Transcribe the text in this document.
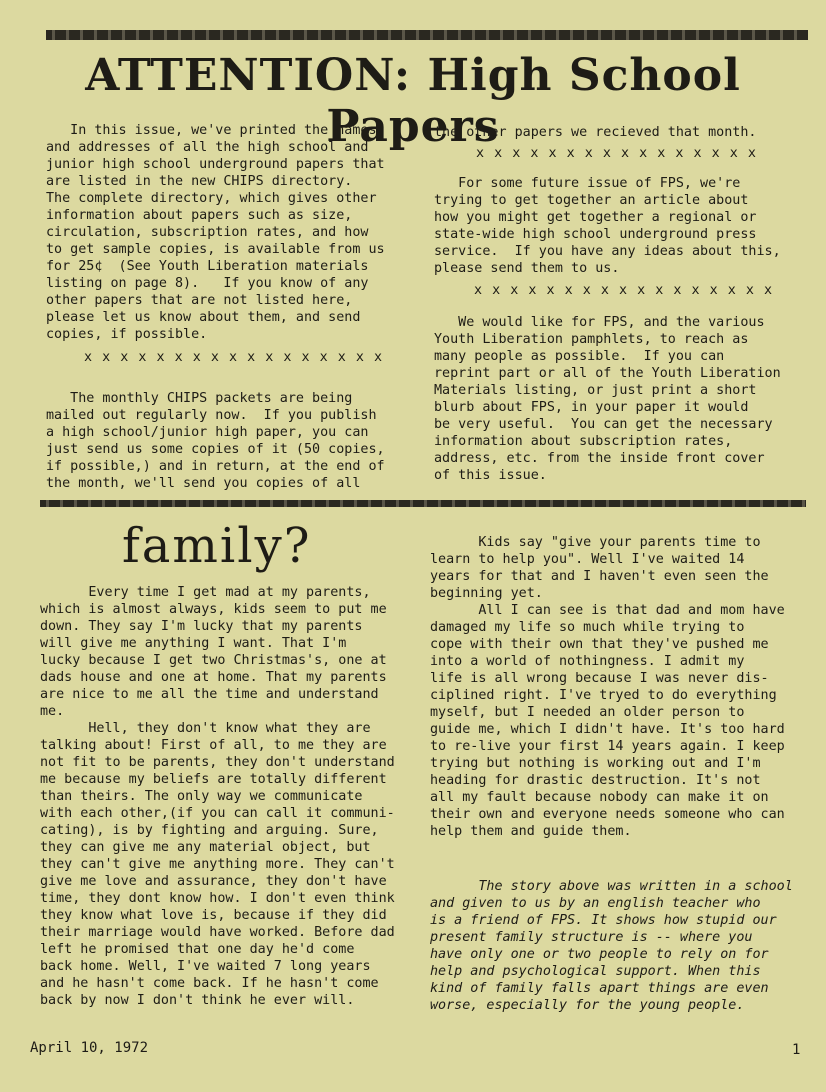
ATTENTION: High School Papers

In this issue, we've printed the names

and addresses of all the high school and

junior high school underground papers that

are listed in the new CHIPS directory.

The complete directory, which gives other

information about papers such as size,

circulation, subscription rates, and how

to get sample copies, is available from us

for 25¢  (See Youth Liberation materials

listing on page 8).   If you know of any

other papers that are not listed here,

please let us know about them, and send

copies, if possible.

x x x x x x x x x x x x x x x x x

The monthly CHIPS packets are being

mailed out regularly now.  If you publish

a high school/junior high paper, you can

just send us some copies of it (50 copies,

if possible,) and in return, at the end of

the month, we'll send you copies of all

the other papers we recieved that month.

x x x x x x x x x x x x x x x x

For some future issue of FPS, we're

trying to get together an article about

how you might get together a regional or

state-wide high school underground press

service.  If you have any ideas about this,

please send them to us.

x x x x x x x x x x x x x x x x x

We would like for FPS, and the various

Youth Liberation pamphlets, to reach as

many people as possible.  If you can

reprint part or all of the Youth Liberation

Materials listing, or just print a short

blurb about FPS, in your paper it would

be very useful.  You can get the necessary

information about subscription rates,

address, etc. from the inside front cover

of this issue.

family?

Every time I get mad at my parents,

which is almost always, kids seem to put me

down. They say I'm lucky that my parents

will give me anything I want. That I'm

lucky because I get two Christmas's, one at

dads house and one at home. That my parents

are nice to me all the time and understand

me.

Hell, they don't know what they are

talking about! First of all, to me they are

not fit to be parents, they don't understand

me because my beliefs are totally different

than theirs. The only way we communicate

with each other,(if you can call it communi-

cating), is by fighting and arguing. Sure,

they can give me any material object, but

they can't give me anything more. They can't

give me love and assurance, they don't have

time, they dont know how. I don't even think

they know what love is, because if they did

their marriage would have worked. Before dad

left he promised that one day he'd come

back home. Well, I've waited 7 long years

and he hasn't come back. If he hasn't come

back by now I don't think he ever will.

Kids say "give your parents time to

learn to help you". Well I've waited 14

years for that and I haven't even seen the

beginning yet.

All I can see is that dad and mom have

damaged my life so much while trying to

cope with their own that they've pushed me

into a world of nothingness. I admit my

life is all wrong because I was never dis-

ciplined right. I've tryed to do everything

myself, but I needed an older person to

guide me, which I didn't have. It's too hard

to re-live your first 14 years again. I keep

trying but nothing is working out and I'm

heading for drastic destruction. It's not

all my fault because nobody can make it on

their own and everyone needs someone who can

help them and guide them.

The story above was written in a school

and given to us by an english teacher who

is a friend of FPS. It shows how stupid our

present family structure is -- where you

have only one or two people to rely on for

help and psychological support. When this

kind of family falls apart things are even

worse, especially for the young people.

April 10, 1972	1
